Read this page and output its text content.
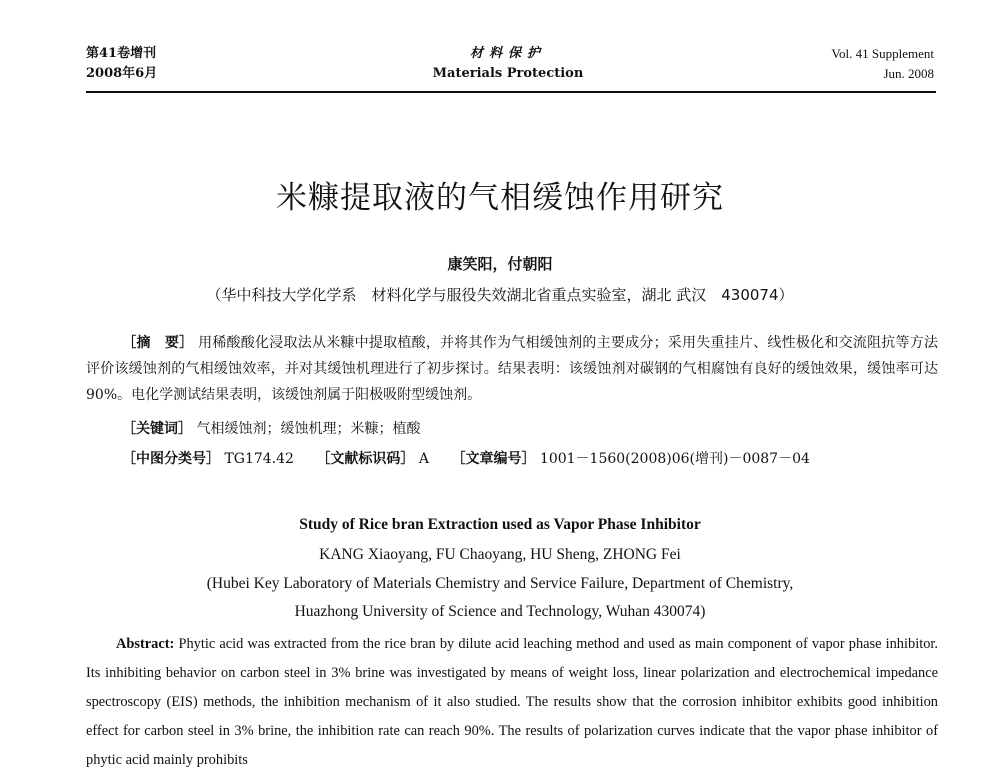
第41卷增刊
2008年6月
材料保护
Materials Protection
Vol. 41 Supplement
Jun. 2008
米糠提取液的气相缓蚀作用研究
康笑阳，付朝阳
（华中科技大学化学系　材料化学与服役失效湖北省重点实验室，湖北 武汉　430074）
［摘　要］ 用稀酸酸化浸取法从米糠中提取植酸，并将其作为气相缓蚀剂的主要成分；采用失重挂片、线性极化和交流阻抗等方法评价该缓蚀剂的气相缓蚀效率，并对其缓蚀机理进行了初步探讨。结果表明：该缓蚀剂对碳钢的气相腐蚀有良好的缓蚀效果，缓蚀率可达90%。电化学测试结果表明，该缓蚀剂属于阳极吸附型缓蚀剂。
［关键词］ 气相缓蚀剂；缓蚀机理；米糠；植酸
［中图分类号］ TG174.42 ［文献标识码］ A ［文章编号］ 1001－1560(2008)06(增刊)－0087－04
Study of Rice bran Extraction used as Vapor Phase Inhibitor
KANG Xiaoyang, FU Chaoyang, HU Sheng, ZHONG Fei
(Hubei Key Laboratory of Materials Chemistry and Service Failure, Department of Chemistry,
Huazhong University of Science and Technology, Wuhan 430074)
Abstract: Phytic acid was extracted from the rice bran by dilute acid leaching method and used as main component of vapor phase inhibitor. Its inhibiting behavior on carbon steel in 3% brine was investigated by means of weight loss, linear polarization and electrochemical impedance spectroscopy (EIS) methods, the inhibition mechanism of it also studied. The results show that the corrosion inhibitor exhibits good inhibition effect for carbon steel in 3% brine, the inhibition rate can reach 90%. The results of polarization curves indicate that the vapor phase inhibitor of phytic acid mainly prohibits
